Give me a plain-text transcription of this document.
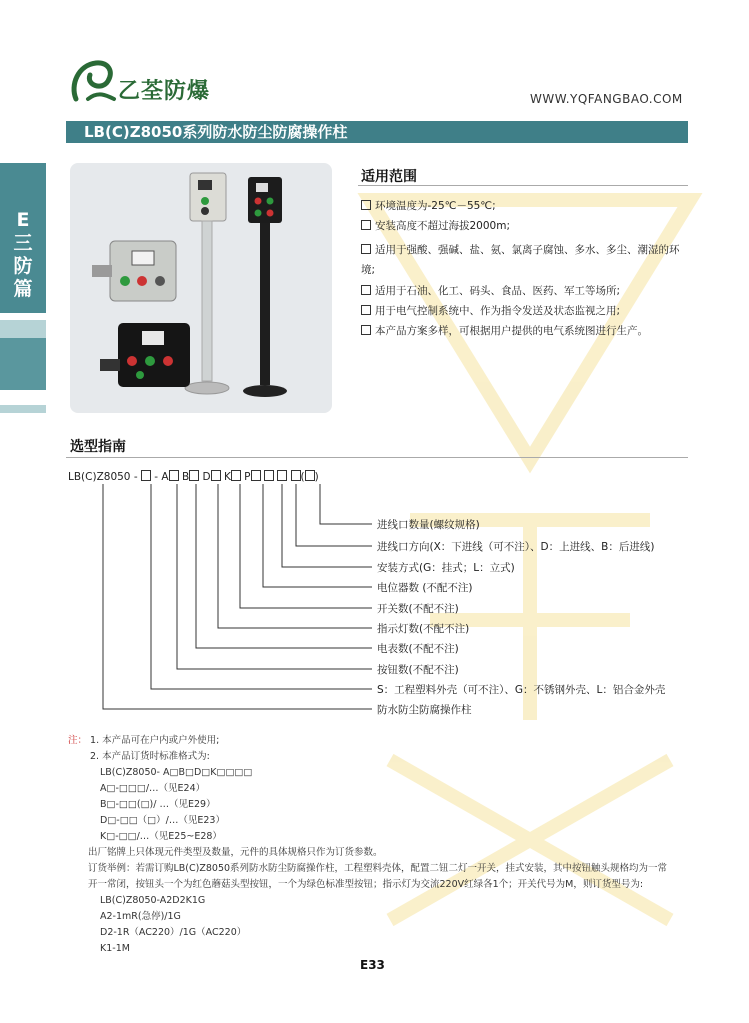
乙荃防爆	WWW.YQFANGBAO.COM
LB(C)Z8050系列防水防尘防腐操作柱
E三防篇
适用范围
环境温度为-25℃－55℃;
安装高度不超过海拔2000m;
适用于强酸、强碱、盐、氨、氯离子腐蚀、多水、多尘、潮湿的环境;
适用于石油、化工、码头、食品、医药、军工等场所;
用于电气控制系统中、作为指令发送及状态监视之用;
本产品方案多样，可根据用户提供的电气系统图进行生产。
选型指南
LB(C)Z8050 -  - A B D K P	( )
进线口数量(螺纹规格)
进线口方向(X：下进线（可不注）、D：上进线、B：后进线)
安装方式(G：挂式；L：立式)
电位器数 (不配不注)
开关数(不配不注)
指示灯数(不配不注)
电表数(不配不注)
按钮数(不配不注)
S：工程塑料外壳（可不注）、G：不锈钢外壳、L：铝合金外壳
防水防尘防腐操作柱
注： 1. 本产品可在户内或户外使用;
2. 本产品订货时标准格式为:
LB(C)Z8050- A□B□D□K□□□□
A□-□□□/…（见E24）
B□-□□(□)/ …（见E29）
D□-□□（□）/…（见E23）
K□-□□/…（见E25~E28）
出厂铭牌上只体现元件类型及数量，元件的具体规格只作为订货参数。
订货举例：若需订购LB(C)Z8050系列防水防尘防腐操作柱，工程塑料壳体，配置二钮二灯一开关，挂式安装，其中按钮触头规格均为一常
开一常闭，按钮头一个为红色蘑菇头型按钮，一个为绿色标准型按钮；指示灯为交流220V红绿各1个；开关代号为M，则订货型号为:
LB(C)Z8050-A2D2K1G
A2-1mR(急停)/1G
D2-1R（AC220）/1G（AC220）
K1-1M
E33
